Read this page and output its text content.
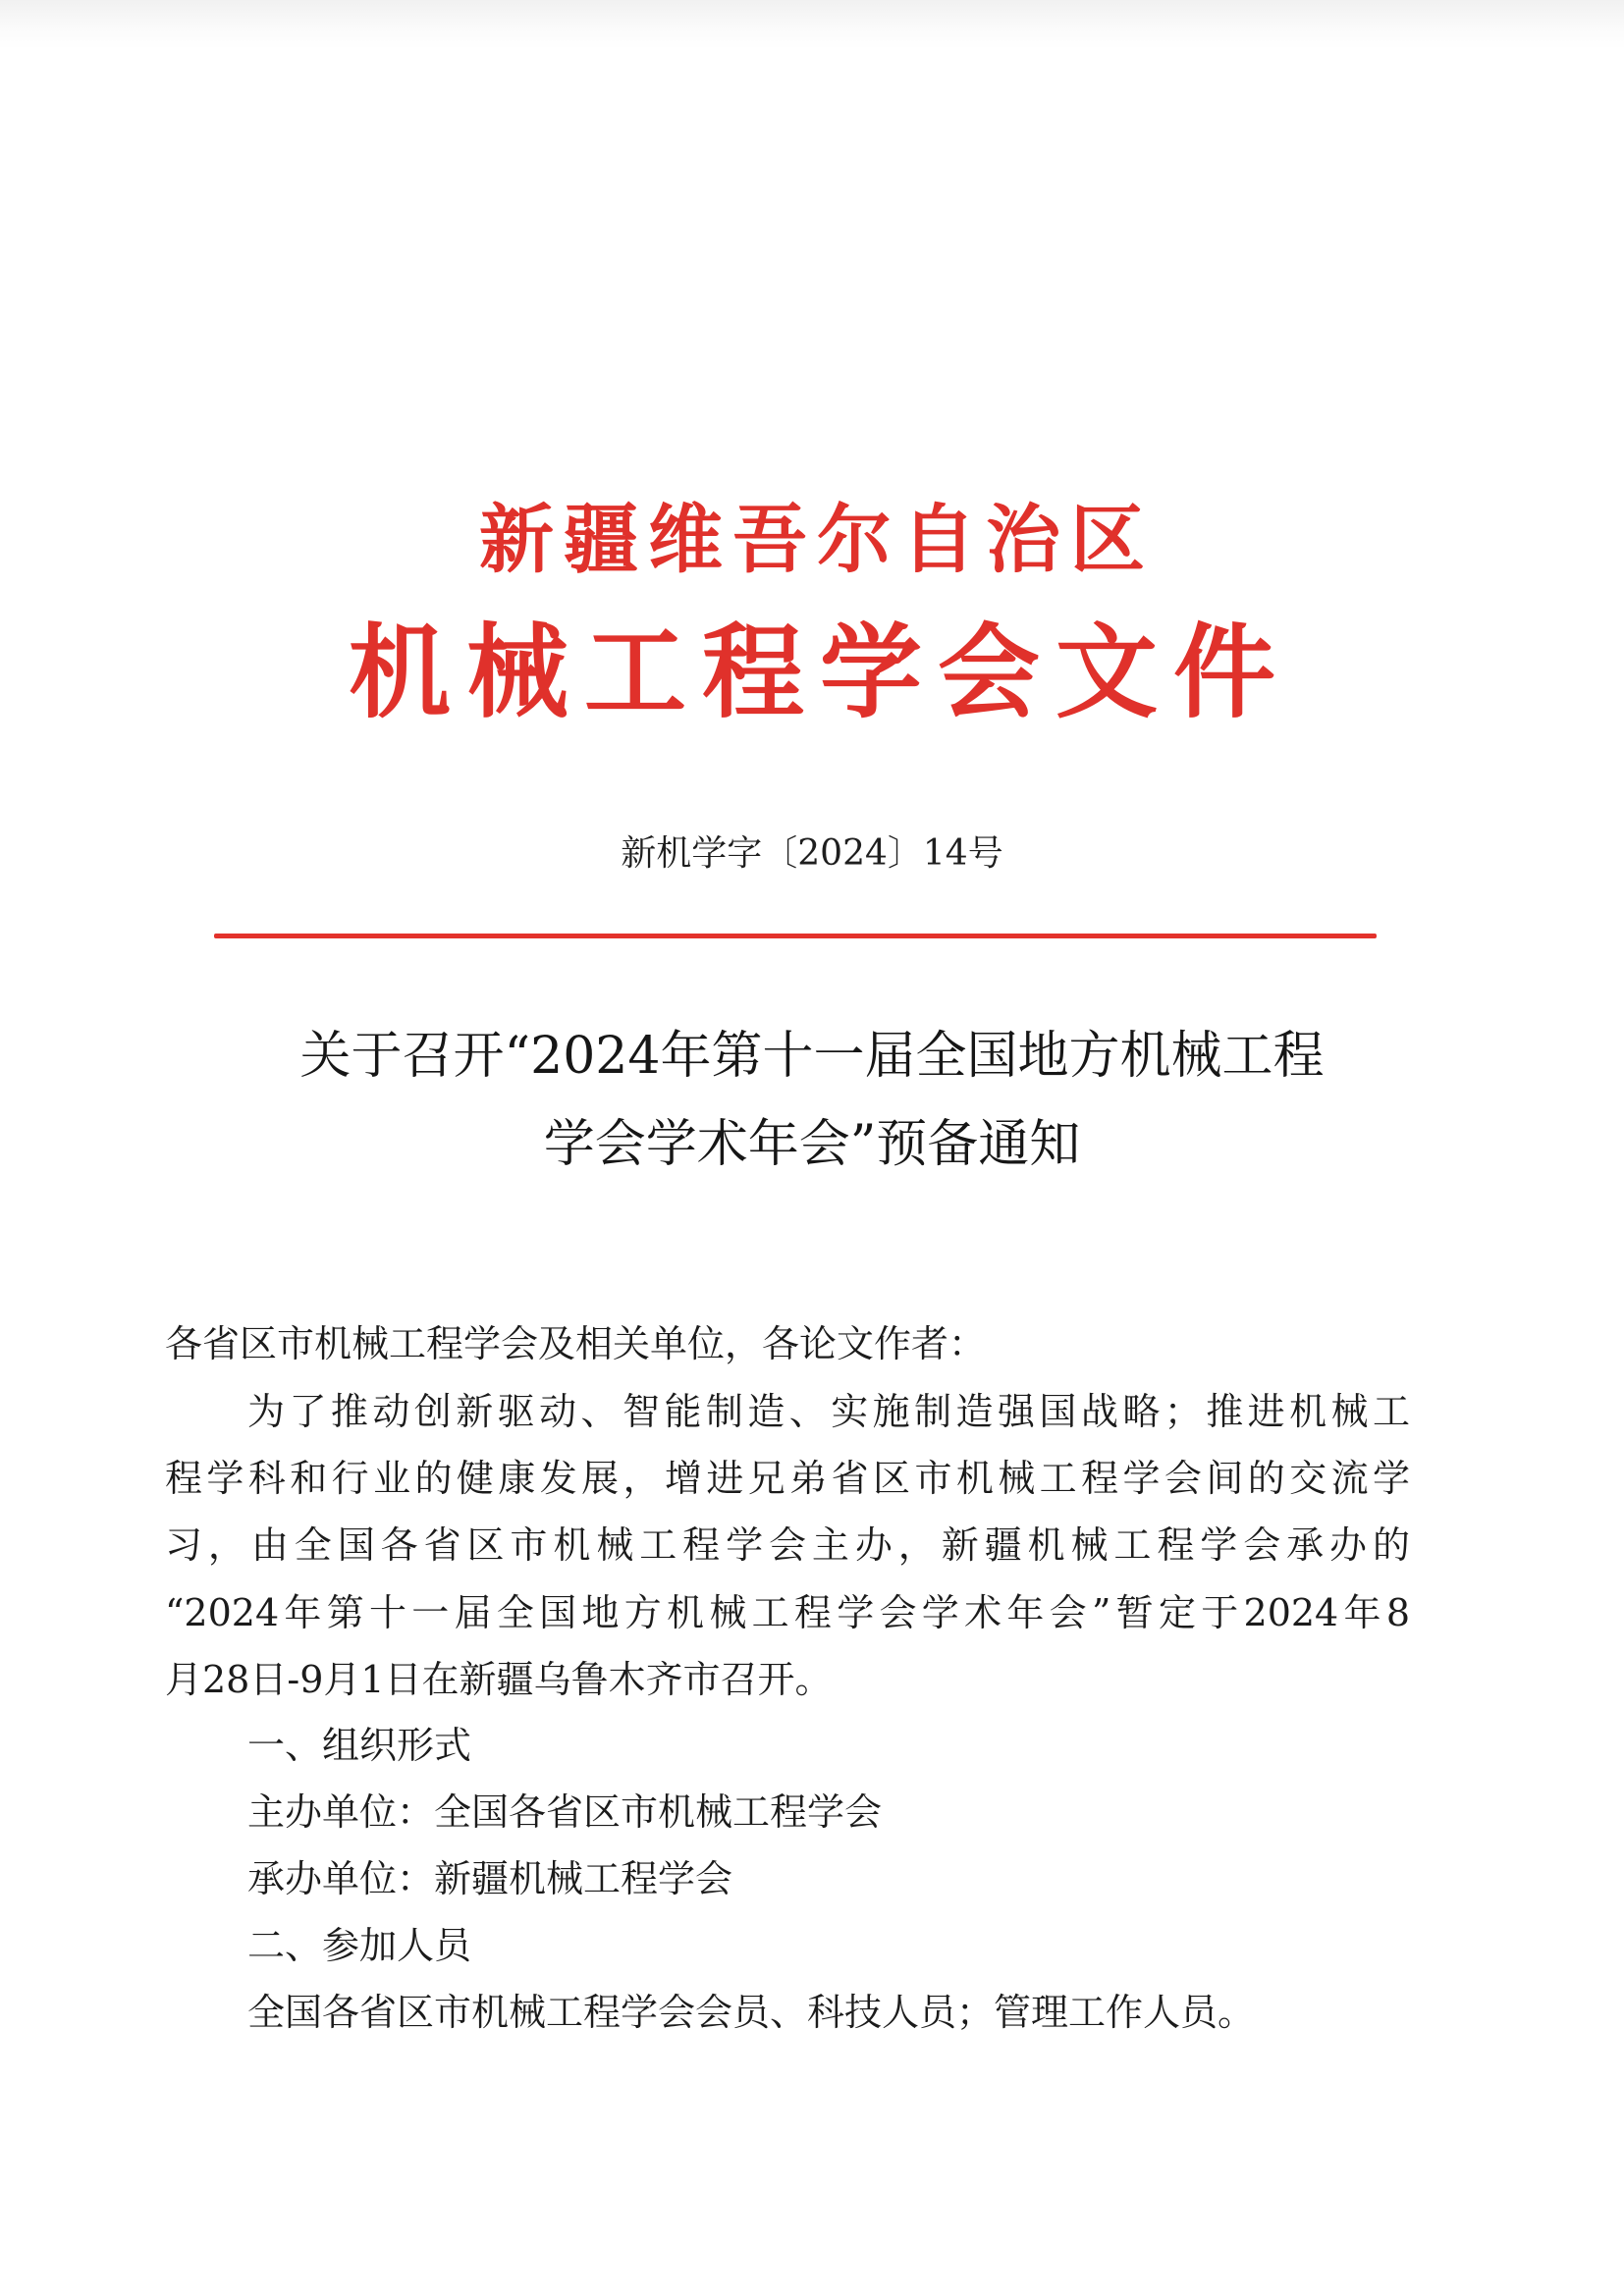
新疆维吾尔自治区
机械工程学会文件
新机学字〔2024〕14号
关于召开“2024年第十一届全国地方机械工程
学会学术年会”预备通知
各省区市机械工程学会及相关单位，各论文作者：
为了推动创新驱动、智能制造、实施制造强国战略；推进机械工
程学科和行业的健康发展，增进兄弟省区市机械工程学会间的交流学
习，由全国各省区市机械工程学会主办，新疆机械工程学会承办的
“2024年第十一届全国地方机械工程学会学术年会”暂定于2024年8
月28日-9月1日在新疆乌鲁木齐市召开。
一、组织形式
主办单位：全国各省区市机械工程学会
承办单位：新疆机械工程学会
二、参加人员
全国各省区市机械工程学会会员、科技人员；管理工作人员。
